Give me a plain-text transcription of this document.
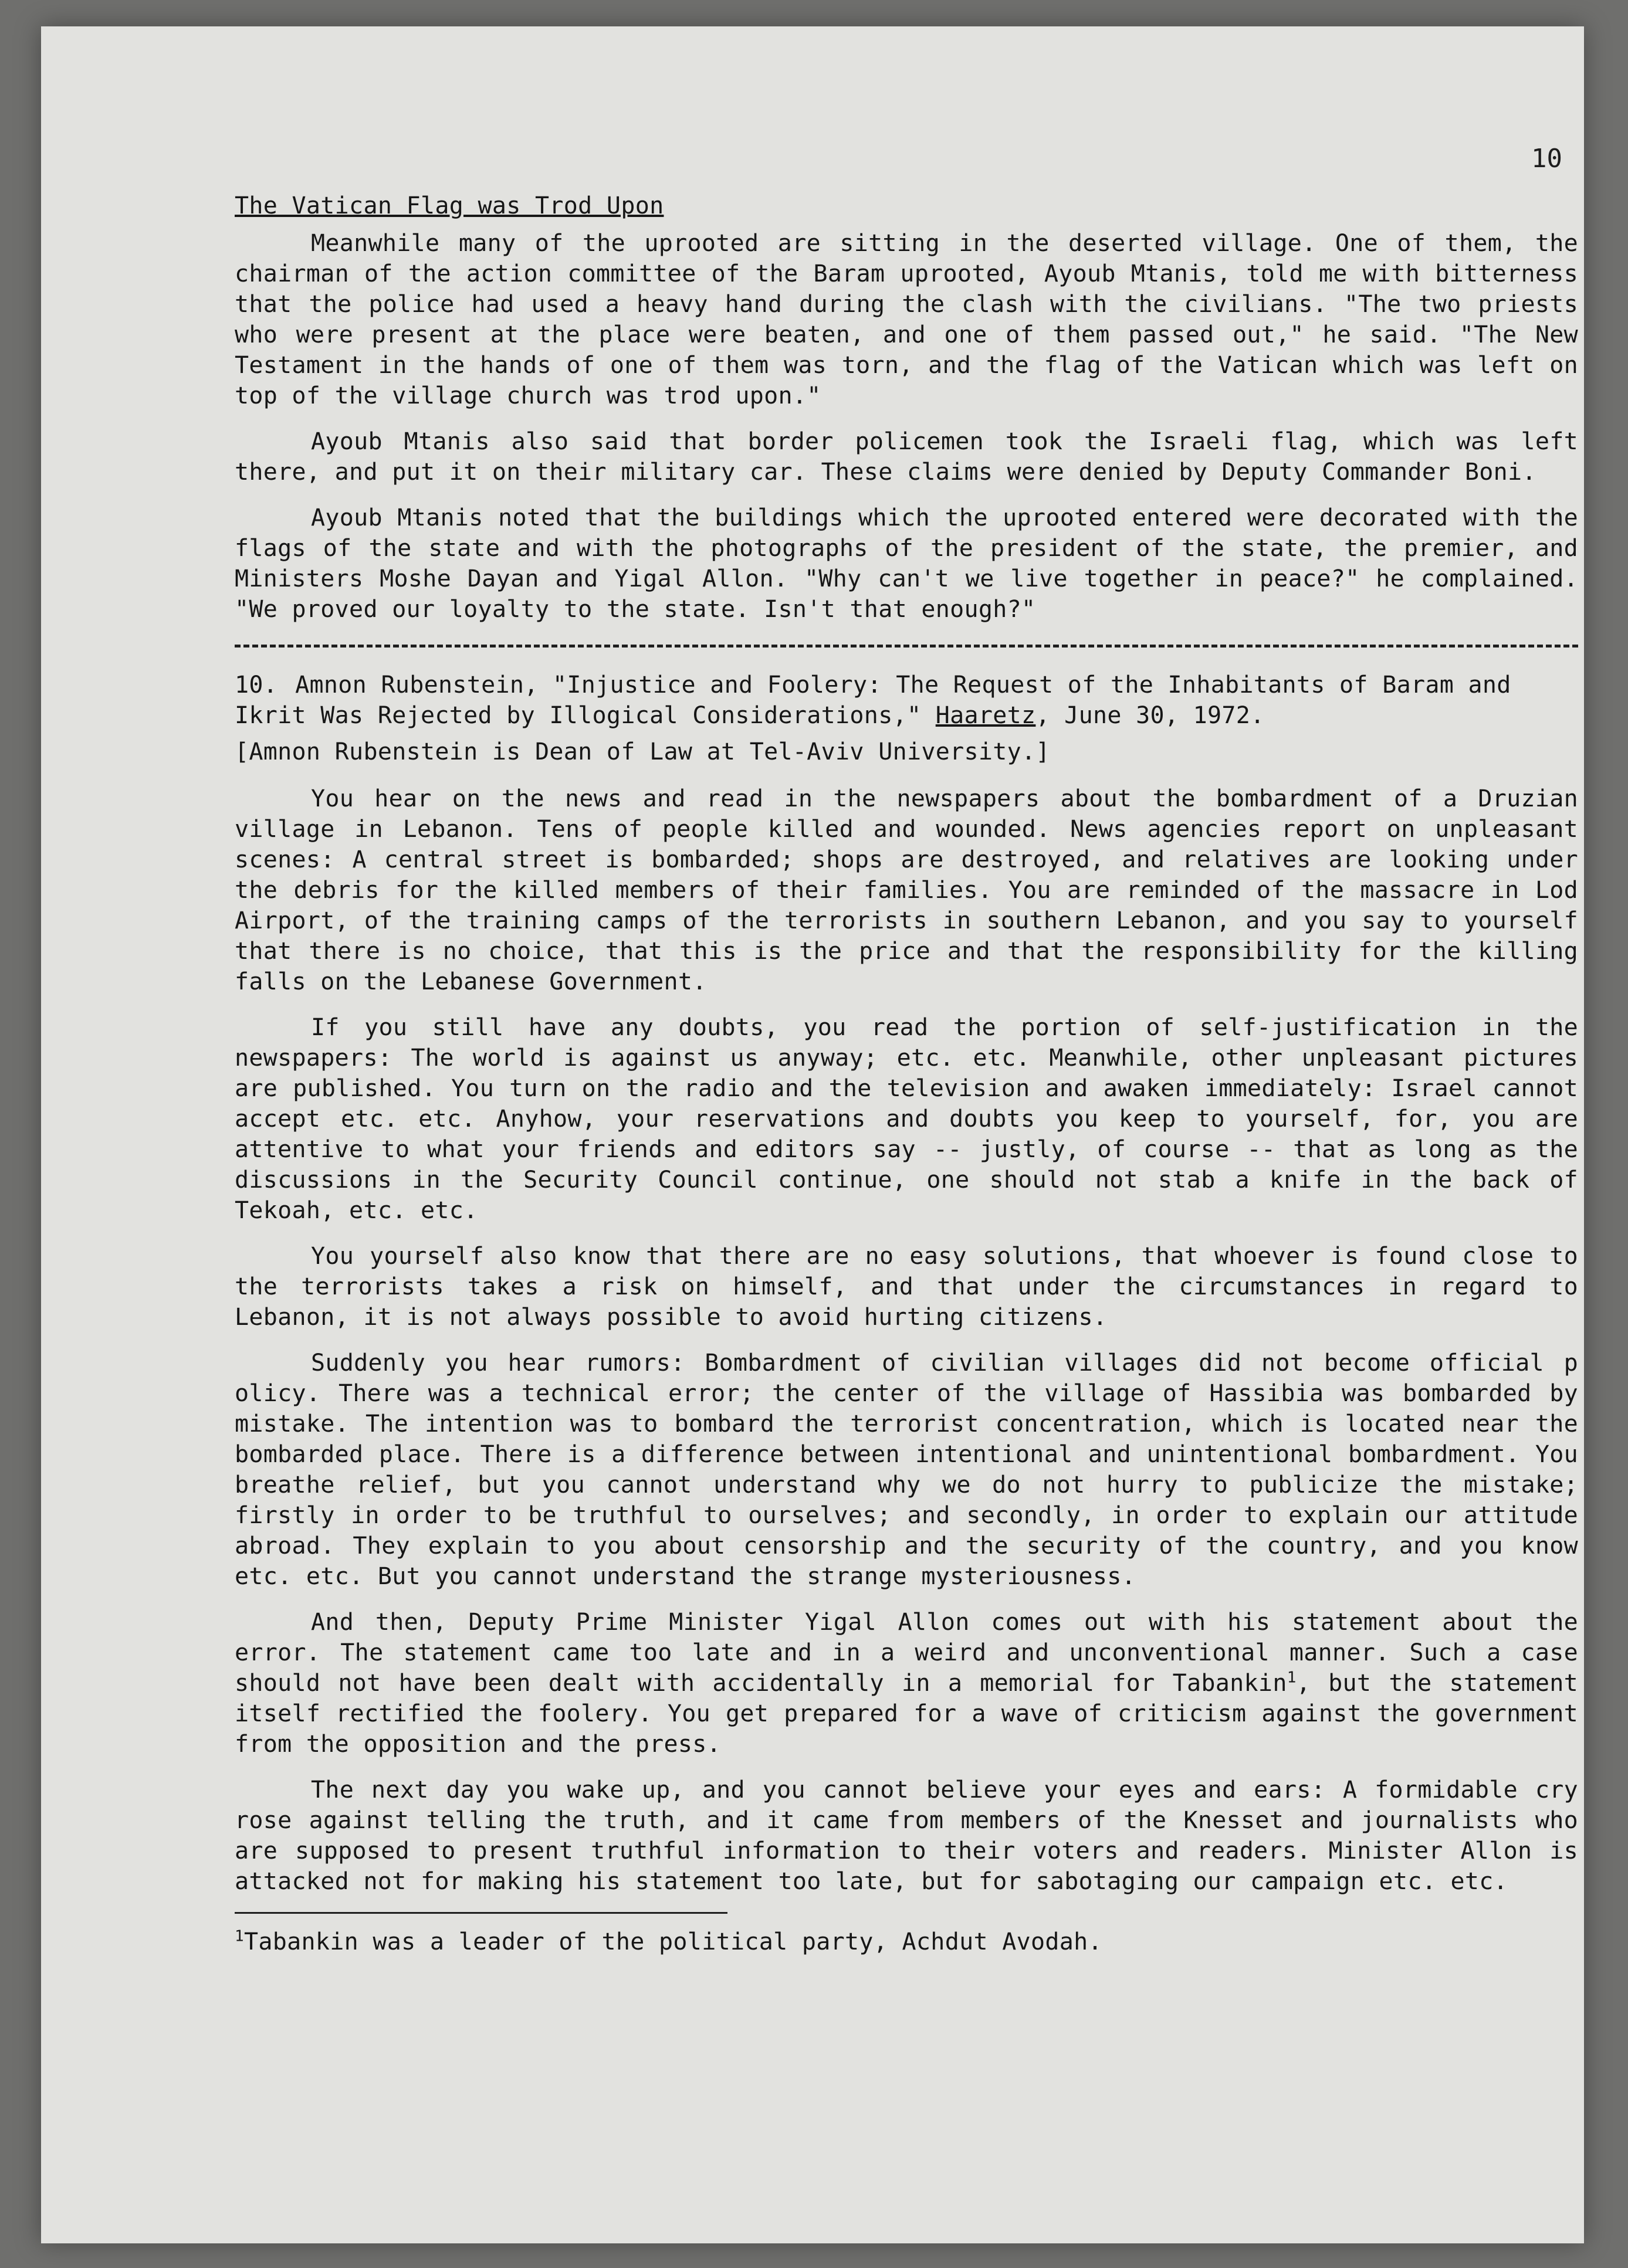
10
The Vatican Flag was Trod Upon

Meanwhile many of the uprooted are sitting in the deserted village. One of them, the chairman of the action committee of the Baram uprooted, Ayoub Mtanis, told me with bitterness that the police had used a heavy hand during the clash with the civilians. "The two priests who were present at the place were beaten, and one of them passed out," he said. "The New Testament in the hands of one of them was torn, and the flag of the Vatican which was left on top of the village church was trod upon."

Ayoub Mtanis also said that border policemen took the Israeli flag, which was left there, and put it on their military car. These claims were denied by Deputy Commander Boni.

Ayoub Mtanis noted that the buildings which the uprooted entered were decorated with the flags of the state and with the photographs of the president of the state, the premier, and Ministers Moshe Dayan and Yigal Allon. "Why can't we live together in peace?" he complained. "We proved our loyalty to the state. Isn't that enough?"

10. Amnon Rubenstein, "Injustice and Foolery: The Request of the Inhabitants of Baram and Ikrit Was Rejected by Illogical Considerations," Haaretz, June 30, 1972.

[Amnon Rubenstein is Dean of Law at Tel-Aviv University.]

You hear on the news and read in the newspapers about the bombardment of a Druzian village in Lebanon. Tens of people killed and wounded. News agencies report on unpleasant scenes: A central street is bombarded; shops are destroyed, and relatives are looking under the debris for the killed members of their families. You are reminded of the massacre in Lod Airport, of the training camps of the terrorists in southern Lebanon, and you say to yourself that there is no choice, that this is the price and that the responsibility for the killing falls on the Lebanese Government.

If you still have any doubts, you read the portion of self-justification in the newspapers: The world is against us anyway; etc. etc. Meanwhile, other unpleasant pictures are published. You turn on the radio and the television and awaken immediately: Israel cannot accept etc. etc. Anyhow, your reservations and doubts you keep to yourself, for, you are attentive to what your friends and editors say -- justly, of course -- that as long as the discussions in the Security Council continue, one should not stab a knife in the back of Tekoah, etc. etc.

You yourself also know that there are no easy solutions, that whoever is found close to the terrorists takes a risk on himself, and that under the circumstances in regard to Lebanon, it is not always possible to avoid hurting citizens.

Suddenly you hear rumors: Bombardment of civilian villages did not become official p olicy. There was a technical error; the center of the village of Hassibia was bombarded by mistake. The intention was to bombard the terrorist concentration, which is located near the bombarded place. There is a difference between intentional and unintentional bombardment. You breathe relief, but you cannot understand why we do not hurry to publicize the mistake; firstly in order to be truthful to ourselves; and secondly, in order to explain our attitude abroad. They explain to you about censorship and the security of the country, and you know etc. etc. But you cannot understand the strange mysteriousness.

And then, Deputy Prime Minister Yigal Allon comes out with his statement about the error. The statement came too late and in a weird and unconventional manner. Such a case should not have been dealt with accidentally in a memorial for Tabankin$^1$, but the statement itself rectified the foolery. You get prepared for a wave of criticism against the government from the opposition and the press.

The next day you wake up, and you cannot believe your eyes and ears: A formidable cry rose against telling the truth, and it came from members of the Knesset and journalists who are supposed to present truthful information to their voters and readers. Minister Allon is attacked not for making his statement too late, but for sabotaging our campaign etc. etc.

$^1$Tabankin was a leader of the political party, Achdut Avodah.
